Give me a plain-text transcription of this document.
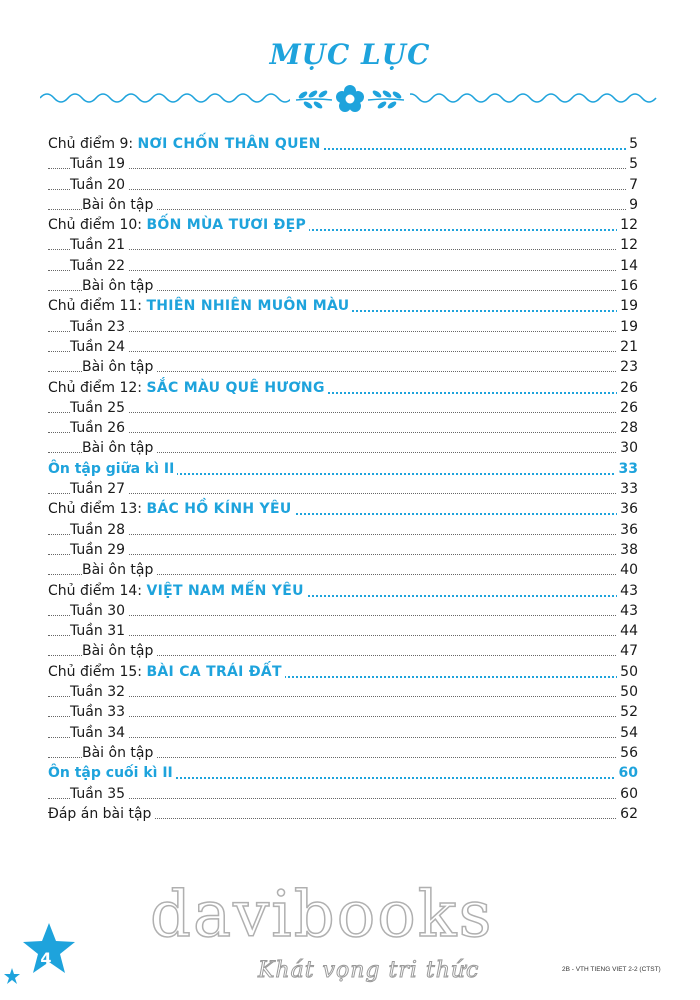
MỤC LỤC
Chủ điểm 9: NƠI CHỐN THÂN QUEN	5
Tuần 19	5
Tuần 20	7
Bài ôn tập	9
Chủ điểm 10: BỐN MÙA TƯƠI ĐẸP	12
Tuần 21	12
Tuần 22	14
Bài ôn tập	16
Chủ điểm 11: THIÊN NHIÊN MUÔN MÀU	19
Tuần 23	19
Tuần 24	21
Bài ôn tập	23
Chủ điểm 12: SẮC MÀU QUÊ HƯƠNG	26
Tuần 25	26
Tuần 26	28
Bài ôn tập	30
Ôn tập giữa kì II	33
Tuần 27	33
Chủ điểm 13: BÁC HỒ KÍNH YÊU	36
Tuần 28	36
Tuần 29	38
Bài ôn tập	40
Chủ điểm 14: VIỆT NAM MẾN YÊU	43
Tuần 30	43
Tuần 31	44
Bài ôn tập	47
Chủ điểm 15: BÀI CA TRÁI ĐẤT	50
Tuần 32	50
Tuần 33	52
Tuần 34	54
Bài ôn tập	56
Ôn tập cuối kì II	60
Tuần 35	60
Đáp án bài tập	62
4
davibooks
Khát vọng tri thức	2B - VTH TIENG VIET 2-2 (CTST)
